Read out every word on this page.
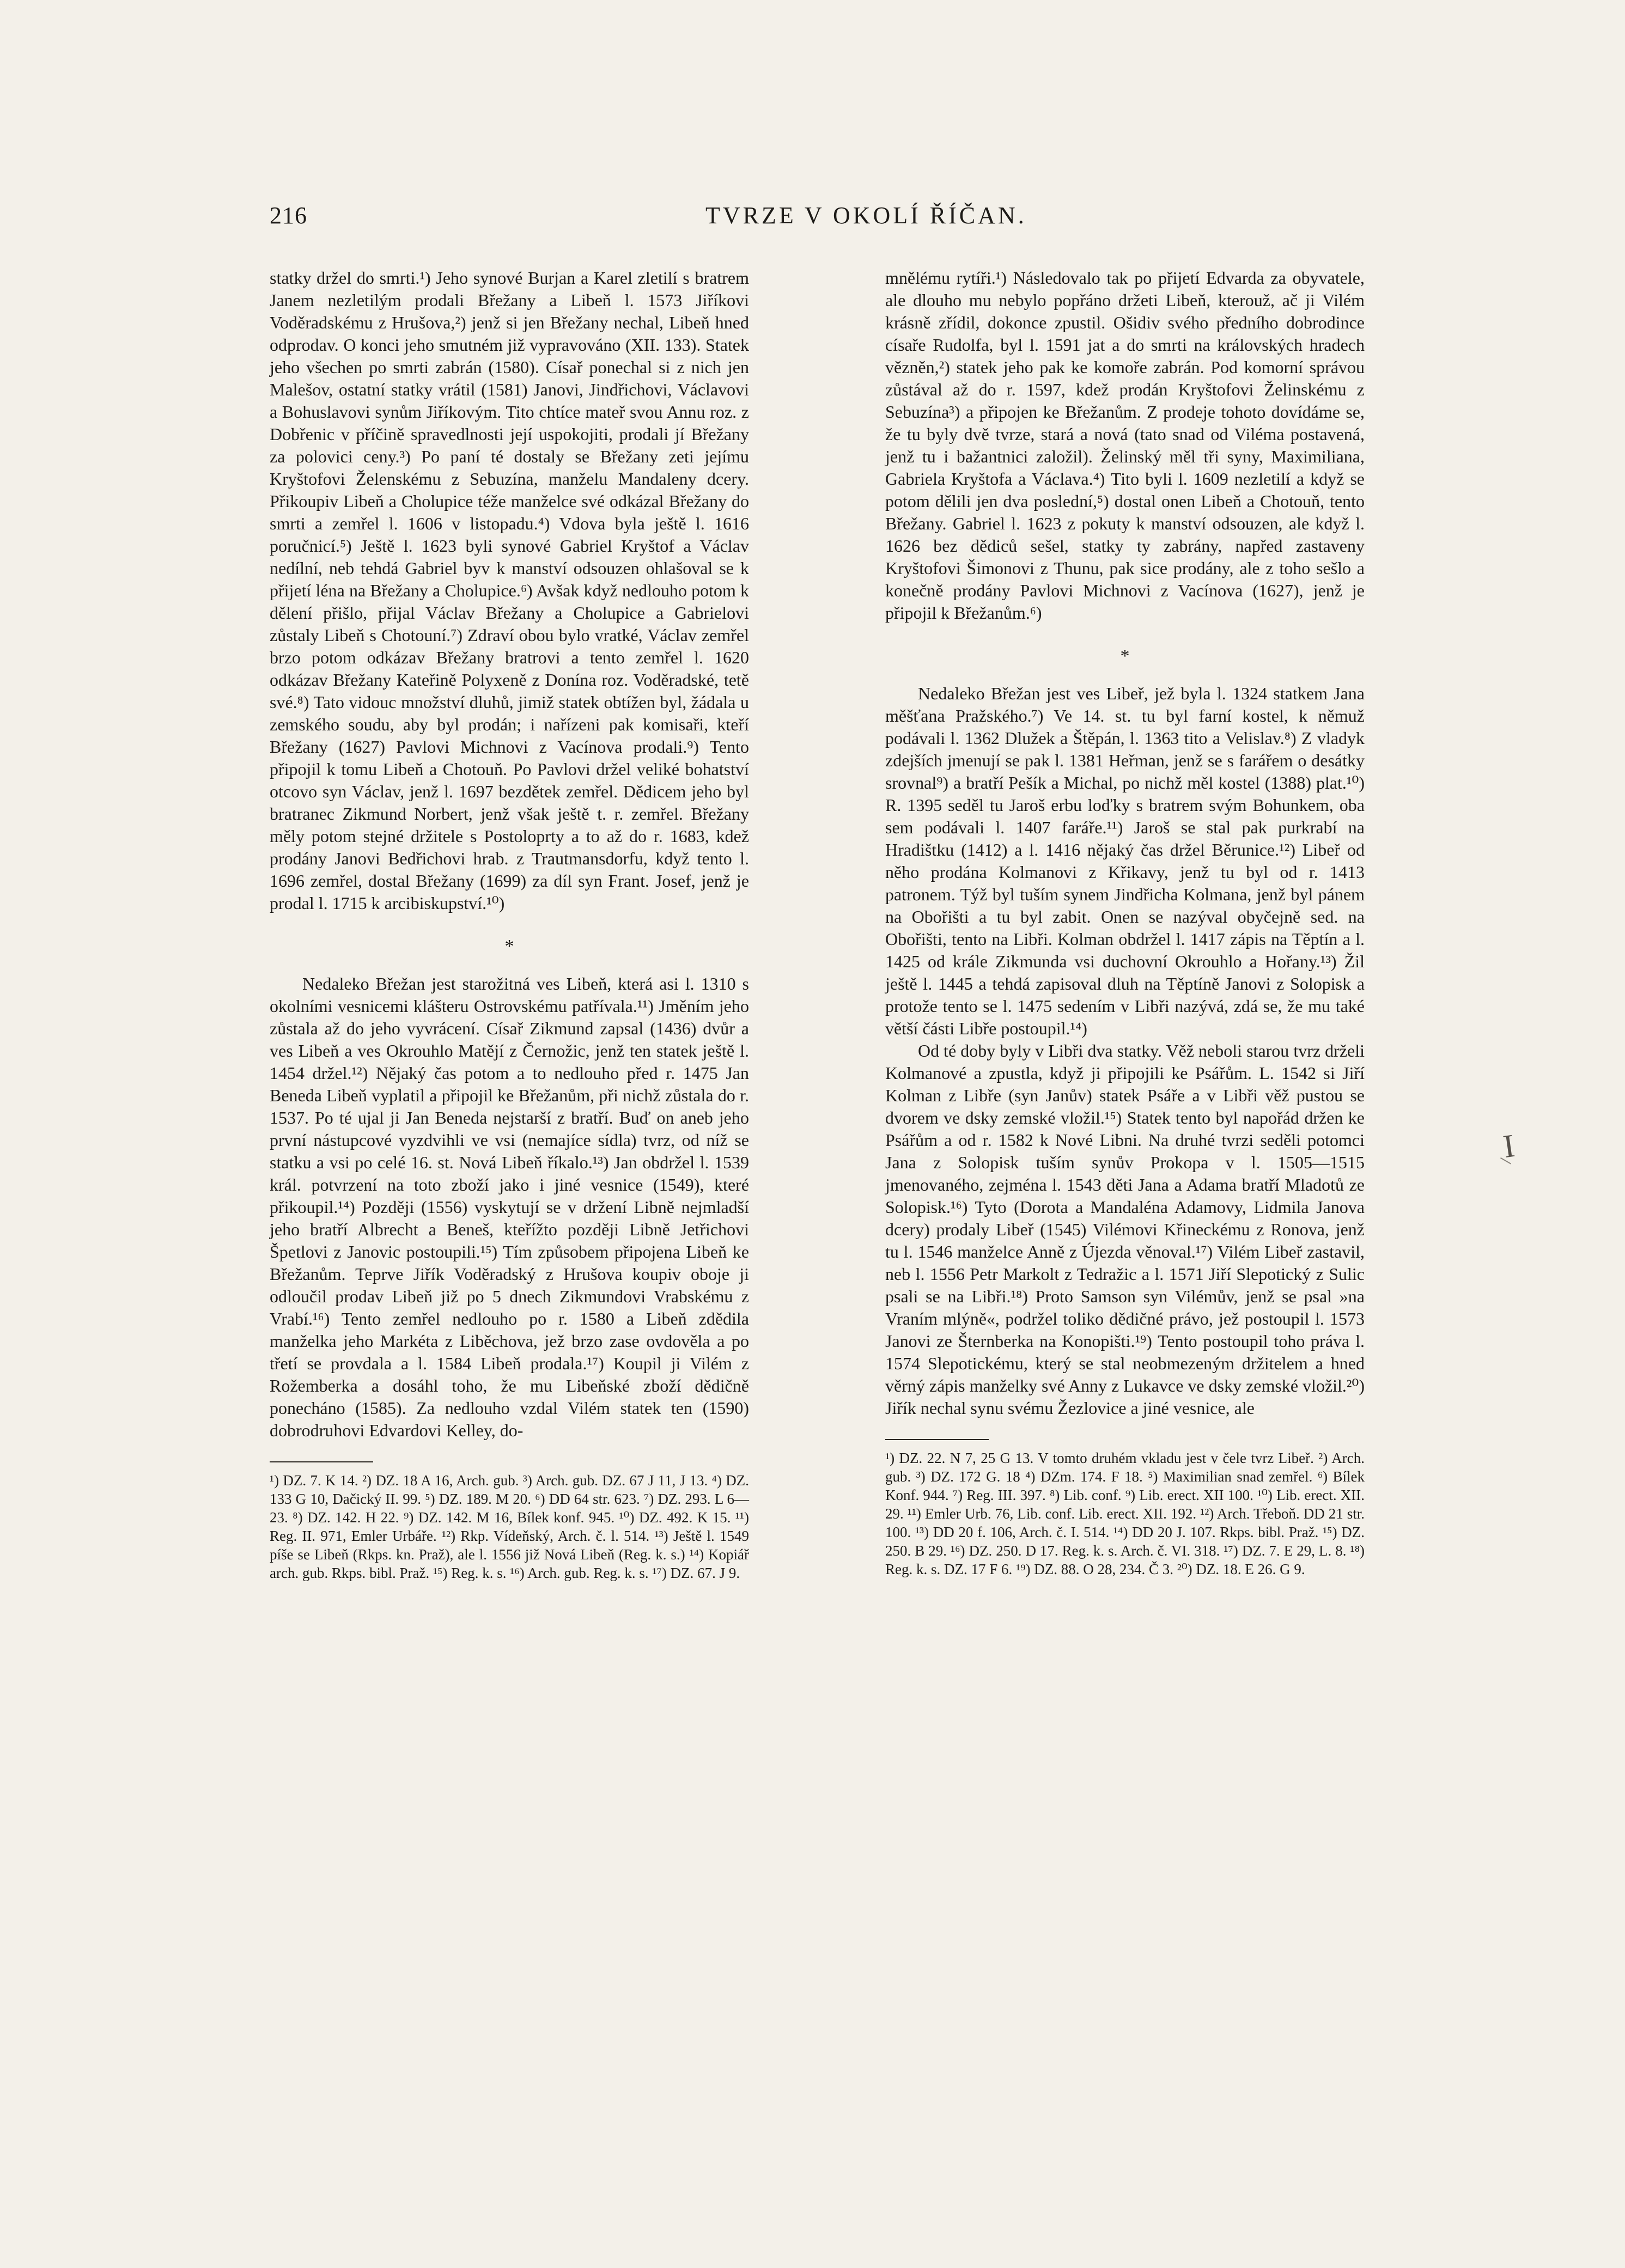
216	TVRZE V OKOLÍ ŘÍČAN.

statky držel do smrti.¹) Jeho synové Burjan a Karel zletilí s bratrem Janem nezletilým prodali Břežany a Libeň l. 1573 Jiříkovi Voděradskému z Hrušova,²) jenž si jen Břežany nechal, Libeň hned odprodav. O konci jeho smutném již vypravováno (XII. 133). Statek jeho všechen po smrti zabrán (1580). Císař ponechal si z nich jen Malešov, ostatní statky vrátil (1581) Janovi, Jindřichovi, Václavovi a Bohuslavovi synům Jiříkovým. Tito chtíce mateř svou Annu roz. z Dobřenic v příčině spravedlnosti její uspokojiti, prodali jí Břežany za polovici ceny.³) Po paní té dostaly se Břežany zeti jejímu Kryštofovi Želenskému z Sebuzína, manželu Mandaleny dcery. Přikoupiv Libeň a Cholupice téže manželce své odkázal Břežany do smrti a zemřel l. 1606 v listopadu.⁴) Vdova byla ještě l. 1616 poručnicí.⁵) Ještě l. 1623 byli synové Gabriel Kryštof a Václav nedílní, neb tehdá Gabriel byv k manství odsouzen ohlašoval se k přijetí léna na Břežany a Cholupice.⁶) Avšak když nedlouho potom k dělení přišlo, přijal Václav Břežany a Cholupice a Gabrielovi zůstaly Libeň s Chotouní.⁷) Zdraví obou bylo vratké, Václav zemřel brzo potom odkázav Břežany bratrovi a tento zemřel l. 1620 odkázav Břežany Kateřině Polyxeně z Donína roz. Voděradské, tetě své.⁸) Tato vidouc množství dluhů, jimiž statek obtížen byl, žádala u zemského soudu, aby byl prodán; i nařízeni pak komisaři, kteří Břežany (1627) Pavlovi Michnovi z Vacínova prodali.⁹) Tento připojil k tomu Libeň a Chotouň. Po Pavlovi držel veliké bohatství otcovo syn Václav, jenž l. 1697 bezdětek zemřel. Dědicem jeho byl bratranec Zikmund Norbert, jenž však ještě t. r. zemřel. Břežany měly potom stejné držitele s Postoloprty a to až do r. 1683, kdež prodány Janovi Bedřichovi hrab. z Trautmansdorfu, když tento l. 1696 zemřel, dostal Břežany (1699) za díl syn Frant. Josef, jenž je prodal l. 1715 k arcibiskupství.¹⁰)

*

Nedaleko Břežan jest starožitná ves Libeň, která asi l. 1310 s okolními vesnicemi klášteru Ostrovskému patřívala.¹¹) Jměním jeho zůstala až do jeho vyvrácení. Císař Zikmund zapsal (1436) dvůr a ves Libeň a ves Okrouhlo Matějí z Černožic, jenž ten statek ještě l. 1454 držel.¹²) Nějaký čas potom a to nedlouho před r. 1475 Jan Beneda Libeň vyplatil a připojil ke Břežanům, při nichž zůstala do r. 1537. Po té ujal ji Jan Beneda nejstarší z bratří. Buď on aneb jeho první nástupcové vyzdvihli ve vsi (nemajíce sídla) tvrz, od níž se statku a vsi po celé 16. st. Nová Libeň říkalo.¹³) Jan obdržel l. 1539 král. potvrzení na toto zboží jako i jiné vesnice (1549), které přikoupil.¹⁴) Později (1556) vyskytují se v držení Libně nejmladší jeho bratří Albrecht a Beneš, kteřížto později Libně Jetřichovi Špetlovi z Janovic postoupili.¹⁵) Tím způsobem připojena Libeň ke Břežanům. Teprve Jiřík Voděradský z Hrušova koupiv oboje ji odloučil prodav Libeň již po 5 dnech Zikmundovi Vrabskému z Vrabí.¹⁶) Tento zemřel nedlouho po r. 1580 a Libeň zdědila manželka jeho Markéta z Liběchova, jež brzo zase ovdověla a po třetí se provdala a l. 1584 Libeň prodala.¹⁷) Koupil ji Vilém z Rožemberka a dosáhl toho, že mu Libeňské zboží dědičně ponecháno (1585). Za nedlouho vzdal Vilém statek ten (1590) dobrodruhovi Edvardovi Kelley, do-

¹) DZ. 7. K 14. ²) DZ. 18 A 16, Arch. gub. ³) Arch. gub. DZ. 67 J 11, J 13. ⁴) DZ. 133 G 10, Dačický II. 99. ⁵) DZ. 189. M 20. ⁶) DD 64 str. 623. ⁷) DZ. 293. L 6—23. ⁸) DZ. 142. H 22. ⁹) DZ. 142. M 16, Bílek konf. 945. ¹⁰) DZ. 492. K 15. ¹¹) Reg. II. 971, Emler Urbáře. ¹²) Rkp. Vídeňský, Arch. č. l. 514. ¹³) Ještě l. 1549 píše se Libeň (Rkps. kn. Praž), ale l. 1556 již Nová Libeň (Reg. k. s.) ¹⁴) Kopiář arch. gub. Rkps. bibl. Praž. ¹⁵) Reg. k. s. ¹⁶) Arch. gub. Reg. k. s. ¹⁷) DZ. 67. J 9.

mnělému rytíři.¹) Následovalo tak po přijetí Edvarda za obyvatele, ale dlouho mu nebylo popřáno držeti Libeň, kterouž, ač ji Vilém krásně zřídil, dokonce zpustil. Ošidiv svého předního dobrodince císaře Rudolfa, byl l. 1591 jat a do smrti na královských hradech vězněn,²) statek jeho pak ke komoře zabrán. Pod komorní správou zůstával až do r. 1597, kdež prodán Kryštofovi Želinskému z Sebuzína³) a připojen ke Břežanům. Z prodeje tohoto dovídáme se, že tu byly dvě tvrze, stará a nová (tato snad od Viléma postavená, jenž tu i bažantnici založil). Želinský měl tři syny, Maximiliana, Gabriela Kryštofa a Václava.⁴) Tito byli l. 1609 nezletilí a když se potom dělili jen dva poslední,⁵) dostal onen Libeň a Chotouň, tento Břežany. Gabriel l. 1623 z pokuty k manství odsouzen, ale když l. 1626 bez dědiců sešel, statky ty zabrány, napřed zastaveny Kryštofovi Šimonovi z Thunu, pak sice prodány, ale z toho sešlo a konečně prodány Pavlovi Michnovi z Vacínova (1627), jenž je připojil k Břežanům.⁶)

*

Nedaleko Břežan jest ves Libeř, jež byla l. 1324 statkem Jana měšťana Pražského.⁷) Ve 14. st. tu byl farní kostel, k němuž podávali l. 1362 Dlužek a Štěpán, l. 1363 tito a Velislav.⁸) Z vladyk zdejších jmenují se pak l. 1381 Heřman, jenž se s farářem o desátky srovnal⁹) a bratří Pešík a Michal, po nichž měl kostel (1388) plat.¹⁰) R. 1395 seděl tu Jaroš erbu loďky s bratrem svým Bohunkem, oba sem podávali l. 1407 faráře.¹¹) Jaroš se stal pak purkrabí na Hradištku (1412) a l. 1416 nějaký čas držel Běrunice.¹²) Libeř od něho prodána Kolmanovi z Křikavy, jenž tu byl od r. 1413 patronem. Týž byl tuším synem Jindřicha Kolmana, jenž byl pánem na Obořišti a tu byl zabit. Onen se nazýval obyčejně sed. na Obořišti, tento na Libři. Kolman obdržel l. 1417 zápis na Těptín a l. 1425 od krále Zikmunda vsi duchovní Okrouhlo a Hořany.¹³) Žil ještě l. 1445 a tehdá zapisoval dluh na Těptíně Janovi z Solopisk a protože tento se l. 1475 sedením v Libři nazývá, zdá se, že mu také větší části Libře postoupil.¹⁴)

Od té doby byly v Libři dva statky. Věž neboli starou tvrz drželi Kolmanové a zpustla, když ji připojili ke Psářům. L. 1542 si Jiří Kolman z Libře (syn Janův) statek Psáře a v Libři věž pustou se dvorem ve dsky zemské vložil.¹⁵) Statek tento byl napořád držen ke Psářům a od r. 1582 k Nové Libni. Na druhé tvrzi seděli potomci Jana z Solopisk tuším synův Prokopa v l. 1505—1515 jmenovaného, zejména l. 1543 děti Jana a Adama bratří Mladotů ze Solopisk.¹⁶) Tyto (Dorota a Mandaléna Adamovy, Lidmila Janova dcery) prodaly Libeř (1545) Vilémovi Křineckému z Ronova, jenž tu l. 1546 manželce Anně z Újezda věnoval.¹⁷) Vilém Libeř zastavil, neb l. 1556 Petr Markolt z Tedražic a l. 1571 Jiří Slepotický z Sulic psali se na Libři.¹⁸) Proto Samson syn Vilémův, jenž se psal »na Vraním mlýně«, podržel toliko dědičné právo, jež postoupil l. 1573 Janovi ze Šternberka na Konopišti.¹⁹) Tento postoupil toho práva l. 1574 Slepotickému, který se stal neobmezeným držitelem a hned věrný zápis manželky své Anny z Lukavce ve dsky zemské vložil.²⁰) Jiřík nechal synu svému Žezlovice a jiné vesnice, ale

¹) DZ. 22. N 7, 25 G 13. V tomto druhém vkladu jest v čele tvrz Libeř. ²) Arch. gub. ³) DZ. 172 G. 18 ⁴) DZm. 174. F 18. ⁵) Maximilian snad zemřel. ⁶) Bílek Konf. 944. ⁷) Reg. III. 397. ⁸) Lib. conf. ⁹) Lib. erect. XII 100. ¹⁰) Lib. erect. XII. 29. ¹¹) Emler Urb. 76, Lib. conf. Lib. erect. XII. 192. ¹²) Arch. Třeboň. DD 21 str. 100. ¹³) DD 20 f. 106, Arch. č. I. 514. ¹⁴) DD 20 J. 107. Rkps. bibl. Praž. ¹⁵) DZ. 250. B 29. ¹⁶) DZ. 250. D 17. Reg. k. s. Arch. č. VI. 318. ¹⁷) DZ. 7. E 29, L. 8. ¹⁸) Reg. k. s. DZ. 17 F 6. ¹⁹) DZ. 88. O 28, 234. Č 3. ²⁰) DZ. 18. E 26. G 9.
I
